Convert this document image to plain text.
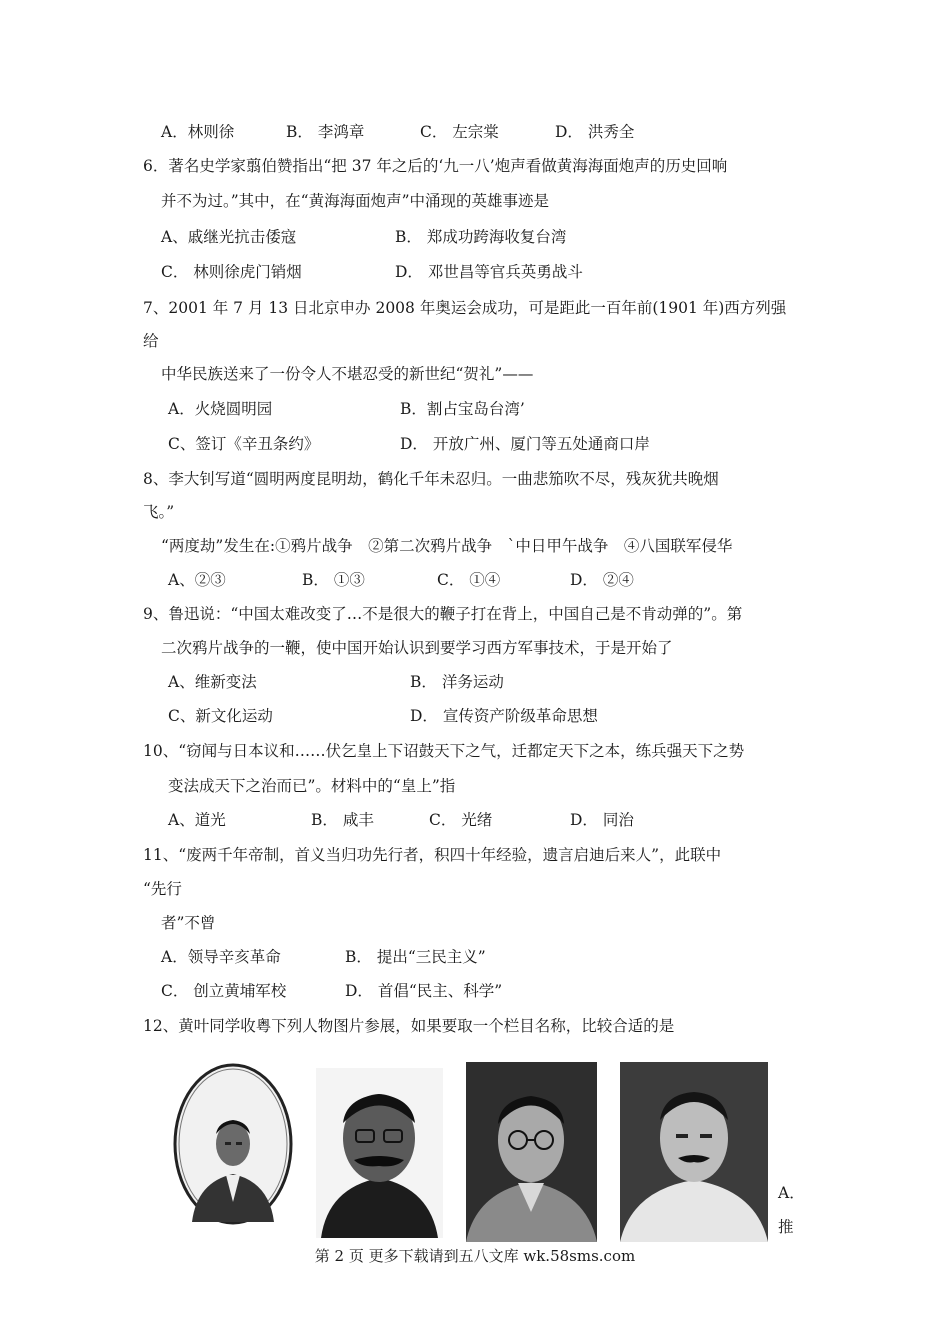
A．林则徐	B． 李鸿章	C． 左宗棠	D． 洪秀全
6．著名史学家翦伯赞指出“把 37 年之后的‘九一八’炮声看做黄海海面炮声的历史回响
并不为过。”其中，在“黄海海面炮声”中涌现的英雄事迹是
A、戚继光抗击倭寇	B． 郑成功跨海收复台湾
C． 林则徐虎门销烟	D． 邓世昌等官兵英勇战斗
7、2001 年 7 月 13 日北京申办 2008 年奥运会成功，可是距此一百年前(1901 年)西方列强
给
中华民族送来了一份令人不堪忍受的新世纪“贺礼”——
A．火烧圆明园	B．割占宝岛台湾’
C、签订《辛丑条约》	D． 开放广州、厦门等五处通商口岸
8、李大钊写道“圆明两度昆明劫，鹤化千年未忍归。一曲悲笳吹不尽，残灰犹共晚烟
飞。”
“两度劫”发生在:①鸦片战争　②第二次鸦片战争　`中日甲午战争　④八国联军侵华
A、②③	B． ①③	C． ①④	D． ②④
9、鲁迅说：“中国太难改变了…不是很大的鞭子打在背上，中国自己是不肯动弹的”。第
二次鸦片战争的一鞭，使中国开始认识到要学习西方军事技术，于是开始了
A、维新变法	B． 洋务运动
C、新文化运动	D． 宣传资产阶级革命思想
10、“窃闻与日本议和……伏乞皇上下诏鼓天下之气，迁都定天下之本，练兵强天下之势
变法成天下之治而已”。材料中的“皇上”指
A、道光	B． 咸丰	C． 光绪	D． 同治
11、“废两千年帝制，首义当归功先行者，积四十年经验，遗言启迪后来人”，此联中
“先行
者”不曾
A．领导辛亥革命	B． 提出“三民主义”
C． 创立黄埔军校	D． 首倡“民主、科学”
12、黄叶同学收粤下列人物图片参展，如果要取一个栏目名称，比较合适的是
A．
推
第 2 页 更多下载请到五八文库 wk.58sms.com
